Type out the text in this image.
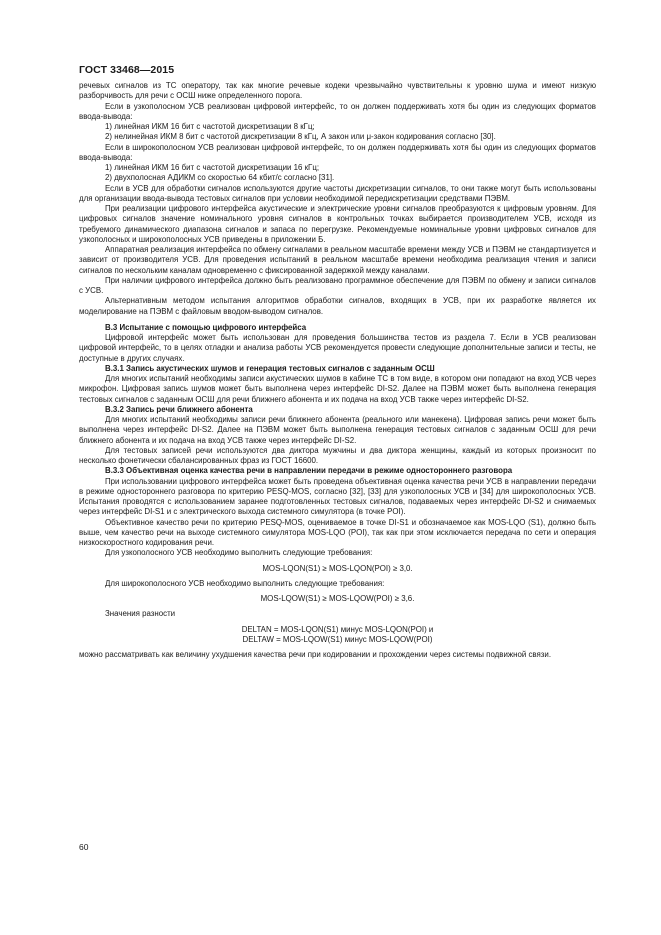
ГОСТ 33468—2015

речевых сигналов из ТС оператору, так как многие речевые кодеки чрезвычайно чувствительны к уровню шума и имеют низкую разборчивость для речи с ОСШ ниже определенного порога.

Если в узкополосном УСВ реализован цифровой интерфейс, то он должен поддерживать хотя бы один из следующих форматов ввода-вывода:

1) линейная ИКМ 16 бит с частотой дискретизации 8 кГц;

2) нелинейная ИКМ 8 бит с частотой дискретизации 8 кГц, А закон или μ-закон кодирования согласно [30].

Если в широкополосном УСВ реализован цифровой интерфейс, то он должен поддерживать хотя бы один из следующих форматов ввода-вывода:

1) линейная ИКМ 16 бит с частотой дискретизации 16 кГц;

2) двухполосная АДИКМ со скоростью 64 кбит/с согласно [31].

Если в УСВ для обработки сигналов используются другие частоты дискретизации сигналов, то они также могут быть использованы для организации ввода-вывода тестовых сигналов при условии необходимой передискретизации средствами ПЭВМ.

При реализации цифрового интерфейса акустические и электрические уровни сигналов преобразуются к цифровым уровням. Для цифровых сигналов значение номинального уровня сигналов в контрольных точках выбирается производителем УСВ, исходя из требуемого динамического диапазона сигналов и запаса по перегрузке. Рекомендуемые номинальные уровни цифровых сигналов для узкополосных и широкополосных УСВ приведены в приложении Б.

Аппаратная реализация интерфейса по обмену сигналами в реальном масштабе времени между УСВ и ПЭВМ не стандартизуется и зависит от производителя УСВ. Для проведения испытаний в реальном масштабе времени необходима реализация чтения и записи сигналов по нескольким каналам одновременно с фиксированной задержкой между каналами.

При наличии цифрового интерфейса должно быть реализовано программное обеспечение для ПЭВМ по обмену и записи сигналов с УСВ.

Альтернативным методом испытания алгоритмов обработки сигналов, входящих в УСВ, при их разработке является их моделирование на ПЭВМ с файловым вводом-выводом сигналов.

В.3 Испытание с помощью цифрового интерфейса

Цифровой интерфейс может быть использован для проведения большинства тестов из раздела 7. Если в УСВ реализован цифровой интерфейс, то в целях отладки и анализа работы УСВ рекомендуется провести следующие дополнительные записи и тесты, не доступные в других случаях.

В.3.1 Запись акустических шумов и генерация тестовых сигналов с заданным ОСШ

Для многих испытаний необходимы записи акустических шумов в кабине ТС в том виде, в котором они попадают на вход УСВ через микрофон. Цифровая запись шумов может быть выполнена через интерфейс DI-S2. Далее на ПЭВМ может быть выполнена генерация тестовых сигналов с заданным ОСШ для речи ближнего абонента и их подача на вход УСВ также через интерфейс DI-S2.

В.3.2 Запись речи ближнего абонента

Для многих испытаний необходимы записи речи ближнего абонента (реального или манекена). Цифровая запись речи может быть выполнена через интерфейс DI-S2. Далее на ПЭВМ может быть выполнена генерация тестовых сигналов с заданным ОСШ для речи ближнего абонента и их подача на вход УСВ также через интерфейс DI-S2.

Для тестовых записей речи используются два диктора мужчины и два диктора женщины, каждый из которых произносит по несколько фонетически сбалансированных фраз из ГОСТ 16600.

В.3.3 Объективная оценка качества речи в направлении передачи в режиме одностороннего разговора

При использовании цифрового интерфейса может быть проведена объективная оценка качества речи УСВ в направлении передачи в режиме одностороннего разговора по критерию PESQ-MOS, согласно [32], [33] для узкополосных УСВ и [34] для широкополосных УСВ. Испытания проводятся с использованием заранее подготовленных тестовых сигналов, подаваемых через интерфейс DI-S2 и снимаемых через интерфейс DI-S1 и с электрического выхода системного симулятора (в точке POI).

Объективное качество речи по критерию PESQ-MOS, оцениваемое в точке DI-S1 и обозначаемое как MOS-LQO (S1), должно быть выше, чем качество речи на выходе системного симулятора MOS-LQO (POI), так как при этом исключается передача по сети и операция низкоскоростного кодирования речи.

Для узкополосного УСВ необходимо выполнить следующие требования:

MOS-LQON(S1) ≥ MOS-LQON(POI) ≥ 3,0.

Для широкополосного УСВ необходимо выполнить следующие требования:

MOS-LQOW(S1) ≥ MOS-LQOW(POI) ≥ 3,6.

Значения разности

DELTAN = MOS-LQON(S1) минус MOS-LQON(POI) и
DELTAW = MOS-LQOW(S1) минус MOS-LQOW(POI)

можно рассматривать как величину ухудшения качества речи при кодировании и прохождении через системы подвижной связи.

60
